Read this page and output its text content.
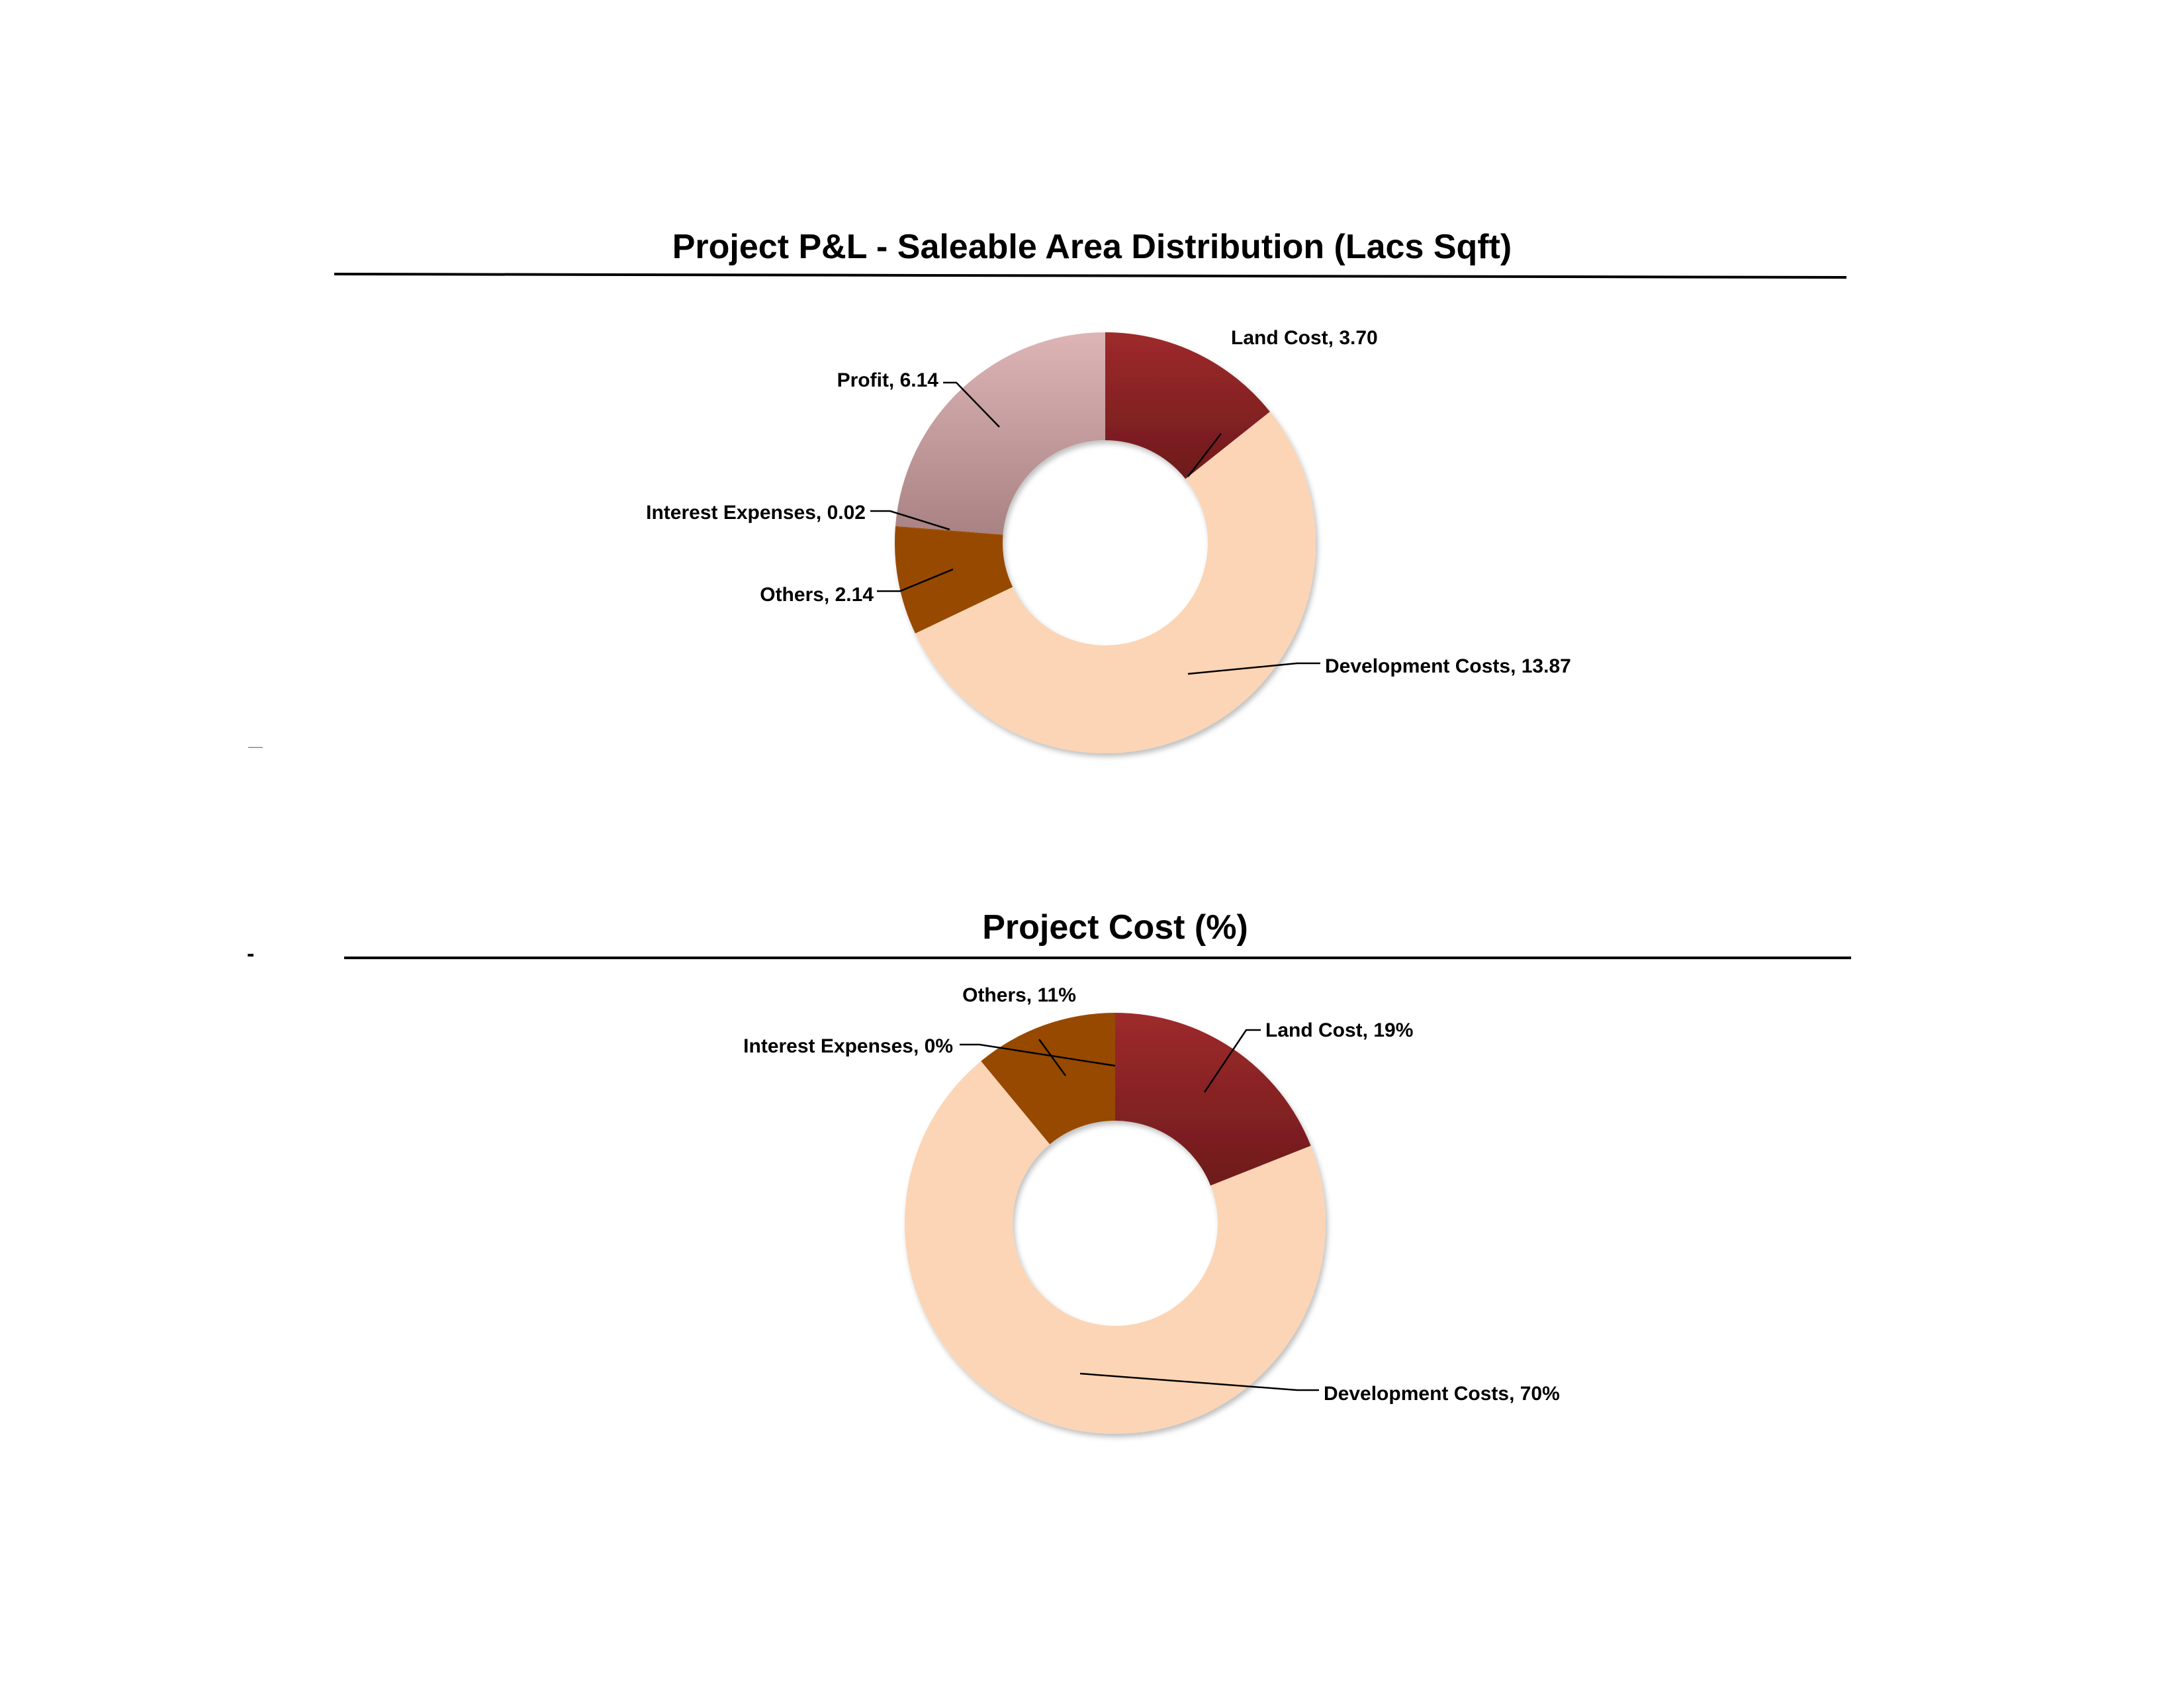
—
-
Project P&L - Saleable Area Distribution (Lacs Sqft)
Land Cost, 3.70
Development Costs, 13.87
Others, 2.14
Interest Expenses, 0.02
Profit, 6.14
Project Cost (%)
Land Cost, 19%
Development Costs, 70%
Interest Expenses, 0%
Others, 11%
